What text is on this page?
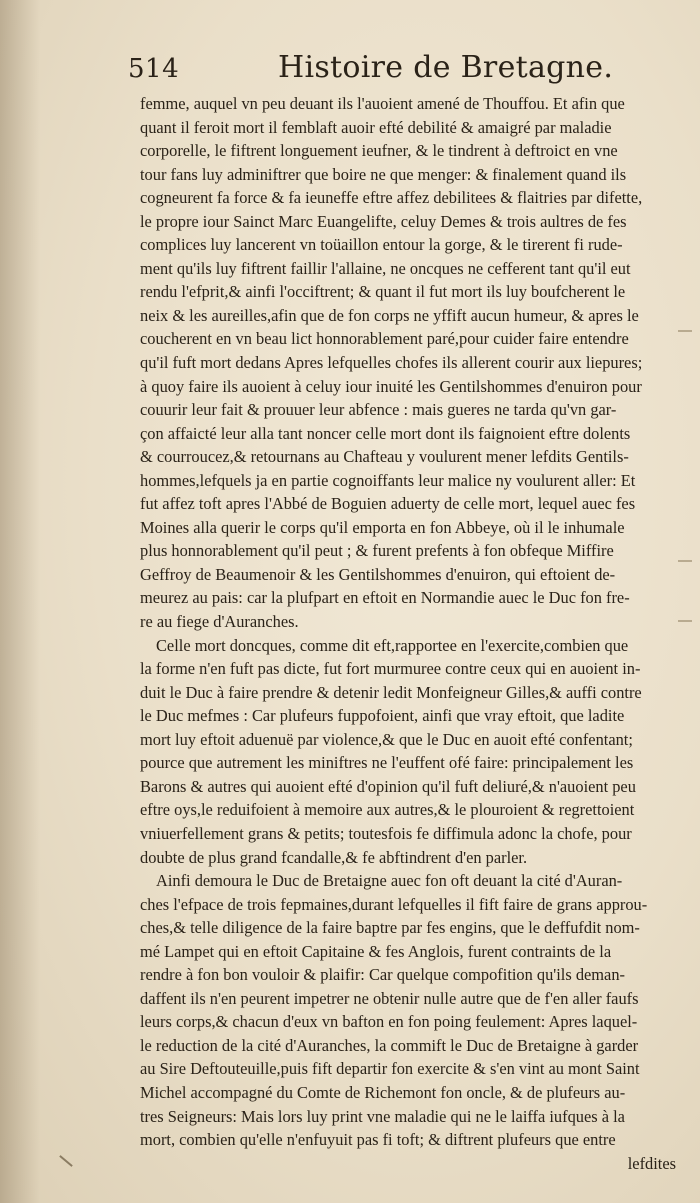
514	Histoire de Bretagne.
femme, auquel vn peu deuant ils l'auoient amené de Thouffou. Et afin que
quant il feroit mort il femblaft auoir efté debilité & amaigré par maladie
corporelle, le fiftrent longuement ieufner, & le tindrent à deftroict en vne
tour fans luy adminiftrer que boire ne que menger: & finalement quand ils
cogneurent fa force & fa ieuneffe eftre affez debilitees & flaitries par difette,
le propre iour Sainct Marc Euangelifte, celuy Demes & trois aultres de fes
complices luy lancerent vn toüaillon entour la gorge, & le tirerent fi rude-
ment qu'ils luy fiftrent faillir l'allaine, ne oncques ne cefferent tant qu'il eut
rendu l'efprit,& ainfi l'occiftrent; & quant il fut mort ils luy boufcherent le
neix & les aureilles,afin que de fon corps ne yffift aucun humeur, & apres le
coucherent en vn beau lict honnorablement paré,pour cuider faire entendre
qu'il fuft mort dedans Apres lefquelles chofes ils allerent courir aux liepures;
à quoy faire ils auoient à celuy iour inuité les Gentilshommes d'enuiron pour
couurir leur fait & prouuer leur abfence : mais gueres ne tarda qu'vn gar-
çon affaicté leur alla tant noncer celle mort dont ils faignoient eftre dolents
& courroucez,& retournans au Chafteau y voulurent mener lefdits Gentils-
hommes,lefquels ja en partie cognoiffants leur malice ny voulurent aller: Et
fut affez toft apres l'Abbé de Boguien aduerty de celle mort, lequel auec fes
Moines alla querir le corps qu'il emporta en fon Abbeye, où il le inhumale
plus honnorablement qu'il peut ; & furent prefents à fon obfeque Miffire
Geffroy de Beaumenoir & les Gentilshommes d'enuiron, qui eftoient de-
meurez au pais: car la plufpart en eftoit en Normandie auec le Duc fon fre-
re au fiege d'Auranches.
Celle mort doncques, comme dit eft,rapportee en l'exercite,combien que
la forme n'en fuft pas dicte, fut fort murmuree contre ceux qui en auoient in-
duit le Duc à faire prendre & detenir ledit Monfeigneur Gilles,& auffi contre
le Duc mefmes : Car plufeurs fuppofoient, ainfi que vray eftoit, que ladite
mort luy eftoit aduenuë par violence,& que le Duc en auoit efté confentant;
pource que autrement les miniftres ne l'euffent ofé faire: principalement les
Barons & autres qui auoient efté d'opinion qu'il fuft deliuré,& n'auoient peu
eftre oys,le reduifoient à memoire aux autres,& le plouroient & regrettoient
vniuerfellement grans & petits; toutesfois fe diffimula adonc la chofe, pour
doubte de plus grand fcandalle,& fe abftindrent d'en parler.
Ainfi demoura le Duc de Bretaigne auec fon oft deuant la cité d'Auran-
ches l'efpace de trois fepmaines,durant lefquelles il fift faire de grans approu-
ches,& telle diligence de la faire baptre par fes engins, que le deffufdit nom-
mé Lampet qui en eftoit Capitaine & fes Anglois, furent contraints de la
rendre à fon bon vouloir & plaifir: Car quelque compofition qu'ils deman-
daffent ils n'en peurent impetrer ne obtenir nulle autre que de f'en aller faufs
leurs corps,& chacun d'eux vn bafton en fon poing feulement: Apres laquel-
le reduction de la cité d'Auranches, la commift le Duc de Bretaigne à garder
au Sire Deftouteuille,puis fift departir fon exercite & s'en vint au mont Saint
Michel accompagné du Comte de Richemont fon oncle, & de plufeurs au-
tres Seigneurs: Mais lors luy print vne maladie qui ne le laiffa iufques à la
mort, combien qu'elle n'enfuyuit pas fi toft; & diftrent plufeurs que entre
lefdites
